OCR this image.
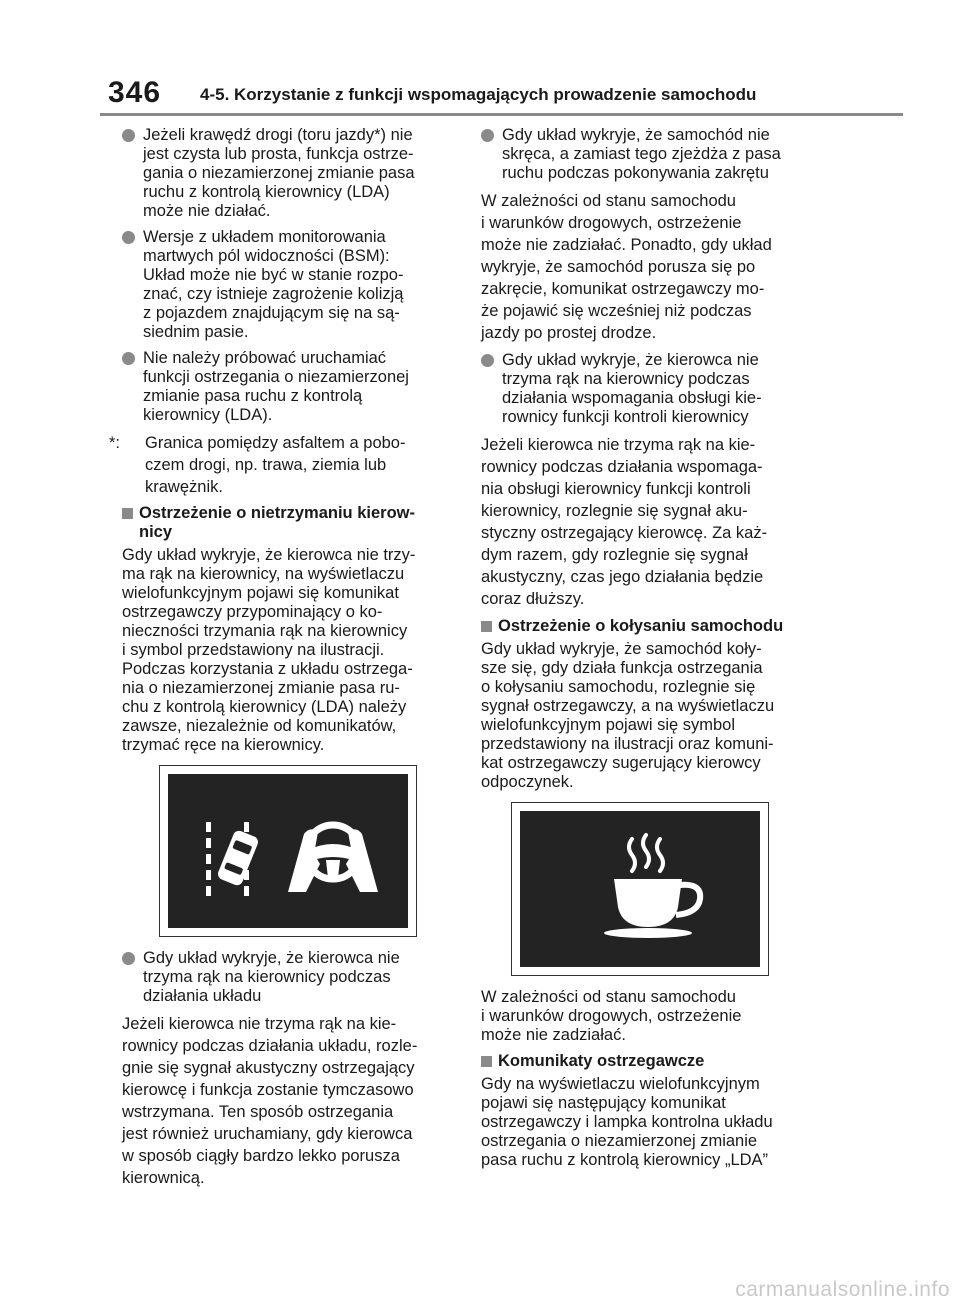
346 4-5. Korzystanie z funkcji wspomagających prowadzenie samochodu
Jeżeli krawędź drogi (toru jazdy*) nie
jest czysta lub prosta, funkcja ostrze-
gania o niezamierzonej zmianie pasa
ruchu z kontrolą kierownicy (LDA)
może nie działać.
Wersje z układem monitorowania
martwych pól widoczności (BSM):
Układ może nie być w stanie rozpo-
znać, czy istnieje zagrożenie kolizją
z pojazdem znajdującym się na są-
siednim pasie.
Nie należy próbować uruchamiać
funkcji ostrzegania o niezamierzonej
zmianie pasa ruchu z kontrolą
kierownicy (LDA).
*: Granica pomiędzy asfaltem a pobo-
czem drogi, np. trawa, ziemia lub
krawężnik.
Ostrzeżenie o nietrzymaniu kierow-
nicy
Gdy układ wykryje, że kierowca nie trzy-
ma rąk na kierownicy, na wyświetlaczu
wielofunkcyjnym pojawi się komunikat
ostrzegawczy przypominający o ko-
nieczności trzymania rąk na kierownicy
i symbol przedstawiony na ilustracji.
Podczas korzystania z układu ostrzega-
nia o niezamierzonej zmianie pasa ru-
chu z kontrolą kierownicy (LDA) należy
zawsze, niezależnie od komunikatów,
trzymać ręce na kierownicy.
Gdy układ wykryje, że kierowca nie
trzyma rąk na kierownicy podczas
działania układu
Jeżeli kierowca nie trzyma rąk na kie-
rownicy podczas działania układu, rozle-
gnie się sygnał akustyczny ostrzegający
kierowcę i funkcja zostanie tymczasowo
wstrzymana. Ten sposób ostrzegania
jest również uruchamiany, gdy kierowca
w sposób ciągły bardzo lekko porusza
kierownicą.
Gdy układ wykryje, że samochód nie
skręca, a zamiast tego zjeżdża z pasa
ruchu podczas pokonywania zakrętu
W zależności od stanu samochodu
i warunków drogowych, ostrzeżenie
może nie zadziałać. Ponadto, gdy układ
wykryje, że samochód porusza się po
zakręcie, komunikat ostrzegawczy mo-
że pojawić się wcześniej niż podczas
jazdy po prostej drodze.
Gdy układ wykryje, że kierowca nie
trzyma rąk na kierownicy podczas
działania wspomagania obsługi kie-
rownicy funkcji kontroli kierownicy
Jeżeli kierowca nie trzyma rąk na kie-
rownicy podczas działania wspomaga-
nia obsługi kierownicy funkcji kontroli
kierownicy, rozlegnie się sygnał aku-
styczny ostrzegający kierowcę. Za każ-
dym razem, gdy rozlegnie się sygnał
akustyczny, czas jego działania będzie
coraz dłuższy.
Ostrzeżenie o kołysaniu samochodu
Gdy układ wykryje, że samochód koły-
sze się, gdy działa funkcja ostrzegania
o kołysaniu samochodu, rozlegnie się
sygnał ostrzegawczy, a na wyświetlaczu
wielofunkcyjnym pojawi się symbol
przedstawiony na ilustracji oraz komuni-
kat ostrzegawczy sugerujący kierowcy
odpoczynek.
W zależności od stanu samochodu
i warunków drogowych, ostrzeżenie
może nie zadziałać.
Komunikaty ostrzegawcze
Gdy na wyświetlaczu wielofunkcyjnym
pojawi się następujący komunikat
ostrzegawczy i lampka kontrolna układu
ostrzegania o niezamierzonej zmianie
pasa ruchu z kontrolą kierownicy „LDA”
carmanualsonline.info
